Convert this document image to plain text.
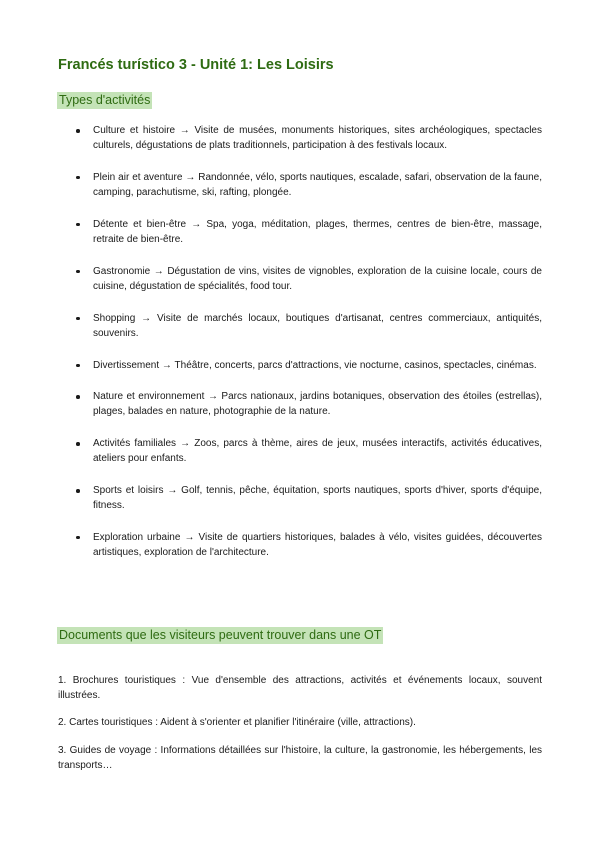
Francés turístico 3 - Unité 1: Les Loisirs
Types d'activités
Culture et histoire → Visite de musées, monuments historiques, sites archéologiques, spectacles culturels, dégustations de plats traditionnels, participation à des festivals locaux.
Plein air et aventure → Randonnée, vélo, sports nautiques, escalade, safari, observation de la faune, camping, parachutisme, ski, rafting, plongée.
Détente et bien-être → Spa, yoga, méditation, plages, thermes, centres de bien-être, massage, retraite de bien-être.
Gastronomie → Dégustation de vins, visites de vignobles, exploration de la cuisine locale, cours de cuisine, dégustation de spécialités, food tour.
Shopping → Visite de marchés locaux, boutiques d'artisanat, centres commerciaux, antiquités, souvenirs.
Divertissement → Théâtre, concerts, parcs d'attractions, vie nocturne, casinos, spectacles, cinémas.
Nature et environnement → Parcs nationaux, jardins botaniques, observation des étoiles (estrellas), plages, balades en nature, photographie de la nature.
Activités familiales → Zoos, parcs à thème, aires de jeux, musées interactifs, activités éducatives, ateliers pour enfants.
Sports et loisirs → Golf, tennis, pêche, équitation, sports nautiques, sports d'hiver, sports d'équipe, fitness.
Exploration urbaine → Visite de quartiers historiques, balades à vélo, visites guidées, découvertes artistiques, exploration de l'architecture.
Documents que les visiteurs peuvent trouver dans une OT

1. Brochures touristiques : Vue d'ensemble des attractions, activités et événements locaux, souvent illustrées.

2. Cartes touristiques : Aident à s'orienter et planifier l'itinéraire (ville, attractions).

3. Guides de voyage : Informations détaillées sur l'histoire, la culture, la gastronomie, les hébergements, les transports…
